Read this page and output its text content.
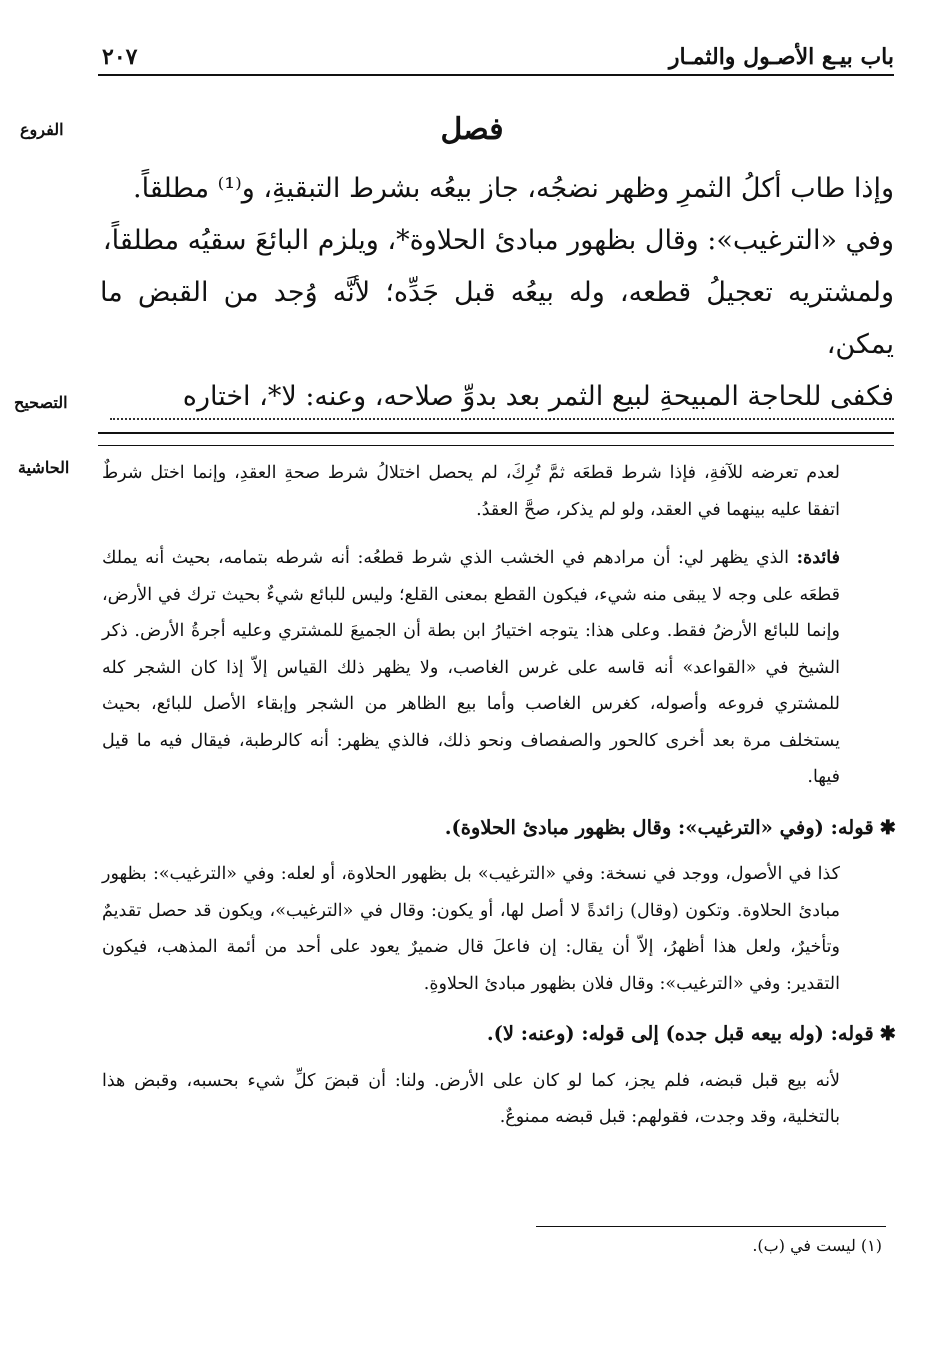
باب بيـع الأصـول والثمـار
٢٠٧
الفروع	فصل

وإذا طاب أكلُ الثمرِ وظهر نضجُه، جاز بيعُه بشرط التبقيةِ، و⁽¹⁾ مطلقاً.

وفي «الترغيب»: وقال بظهور مبادئ الحلاوة*، ويلزم البائعَ سقيُه مطلقاً،

ولمشتريه تعجيلُ قطعه، وله بيعُه قبل جَدِّه؛ لأنَّه وُجد من القبض ما يمكن،

فكفى للحاجة المبيحةِ لبيع الثمر بعد بدوِّ صلاحه، وعنه: لا*، اختاره

التصحيح
الحاشية لعدم تعرضه للآفةِ، فإذا شرط قطعَه ثمَّ تُرِكَ، لم يحصل اختلالُ شرط صحةِ العقدِ، وإنما اختل شرطٌ اتفقا عليه بينهما في العقد، ولو لم يذكر، صحَّ العقدُ.

فائدة: الذي يظهر لي: أن مرادهم في الخشب الذي شرط قطعُه: أنه شرطه بتمامه، بحيث أنه يملك قطعَه على وجه لا يبقى منه شيء، فيكون القطع بمعنى القلع؛ وليس للبائع شيءٌ بحيث ترك في الأرض، وإنما للبائع الأرضُ فقط. وعلى هذا: يتوجه اختيارُ ابن بطة أن الجميعَ للمشتري وعليه أجرةُ الأرض. ذكر الشيخ في «القواعد» أنه قاسه على غرس الغاصب، ولا يظهر ذلك القياس إلاّ إذا كان الشجر كله للمشتري فروعه وأصوله، كغرس الغاصب وأما بيع الظاهر من الشجر وإبقاء الأصل للبائع، بحيث يستخلف مرة بعد أخرى كالحور والصفصاف ونحو ذلك، فالذي يظهر: أنه كالرطبة، فيقال فيه ما قيل فيها.

✱قوله: (وفي «الترغيب»: وقال بظهور مبادئ الحلاوة).

كذا في الأصول، ووجد في نسخة: وفي «الترغيب» بل بظهور الحلاوة، أو لعله: وفي «الترغيب»: بظهور مبادئ الحلاوة. وتكون (وقال) زائدةً لا أصل لها، أو يكون: وقال في «الترغيب»، ويكون قد حصل تقديمٌ وتأخيرٌ، ولعل هذا أظهرُ، إلاّ أن يقال: إن فاعلَ قال ضميرٌ يعود على أحد من أئمة المذهب، فيكون التقدير: وفي «الترغيب»: وقال فلان بظهور مبادئ الحلاوةِ.

✱قوله: (وله بيعه قبل جده) إلى قوله: (وعنه: لا).

لأنه بيع قبل قبضه، فلم يجز، كما لو كان على الأرض. ولنا: أن قبضَ كلِّ شيء بحسبه، وقبض هذا بالتخلية، وقد وجدت، فقولهم: قبل قبضه ممنوعٌ.

(١) ليست في (ب).
